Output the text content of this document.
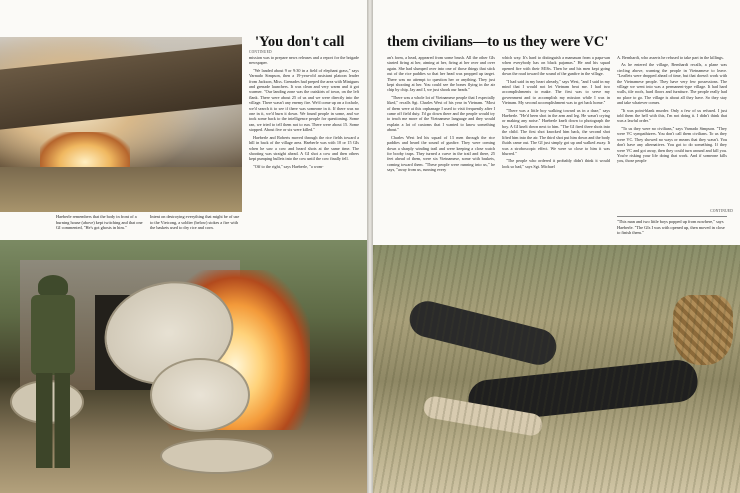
'You don't call
CONTINUED

mission was to prepare news releases and a report for the brigade newspaper.

"We landed about 9 or 9:30 in a field of elephant grass," says Varnado Simpson, then a 19-year-old assistant platoon leader from Jackson, Miss. Grenades had preped the area with Miniguns and grenade launchers. It was clean and very warm and it got warmer. "Our landing zone was the outskirts of town, on the left flank. There were about 25 of us and we were directly into the village. There wasn't any enemy fire. We'd come up on a foxhole, we'd search it to see if there was someone in it. If there was no one in it, we'd burn it down. We found people in some, and we took some back to the intelligence people for questioning. Some ran, we tried to tell them not to run. There were about 15. Some stopped. About five or six were killed."

Haeberle and Roberts moved through the rice fields toward a hill in back of the village area. Haeberle was with 10 or 15 GIs when he saw a cow and heard shots at the same time. The shooting was straight ahead. A GI shot a cow and then others kept pumping bullets into the cow until the cow finally fell.

"Off to the right," says Haeberle, "a wom-

Haeberle remembers that the body in front of a burning house (above) kept twitching and that one GI commented, "He's got ghosts in him."
Intent on destroying everything that might be of use to the Vietcong, a soldier (below) stokes a fire with the baskets used to dry rice and corn.
them civilians—to us they were VC'

an's form, a head, appeared from some brush. All the other GIs started firing at her, aiming at her, firing at her over and over again. She had slumped over into one of those things that stick out of the rice paddies so that her head was propped up target. There was no attempt to question her or anything. They just kept shooting at her. You could see the bones flying in the air chip by chip. Jay and I, we just shook our heads."

"There was a whole lot of Vietnamese people that I especially liked," recalls Sgt. Charles West of his year in Vietnam. "Most of them were at this orphanage I used to visit frequently after I came off field duty. I'd go down there and the people would try to teach me more of the Vietnamese language and they would explain a lot of customs that I wanted to know something about."

Charles West led his squad of 13 men through the rice paddies and heard the sound of gunfire. They were coming down a sharply winding trail and were keeping a close watch for booby traps. They turned a curve in the trail and there, 25 feet ahead of them, were six Vietnamese, some with baskets, coming toward them. "These people were running into us," he says, "away from us, running every

which way. It's hard to distinguish a mamasan from a papa-san when everybody has on black pajamas." He and his squad opened fire with their M16s. Then he and his men kept going down the road toward the sound of the gunfire in the village.

"I had said in my heart already," says West, "and I said in my mind that I would not let Vietnam beat me. I had two accomplishments to make. The first was to serve my government and to accomplish my mission while I was in Vietnam. My second accomplishment was to get back home."

"There was a little boy walking toward us in a daze," says Haeberle. "He'd been shot in the arm and leg. He wasn't crying or making any noise." Haeberle knelt down to photograph the boy. A GI knelt down next to him. "The GI fired three shots into the child. The first shot knocked him back, the second shot lifted him into the air. The third shot put him down and the body fluids came out. The GI just simply got up and walked away. It was a stroboscopic effect. We were so close to him it was blurred."

"The people who ordered it probably didn't think it would look so bad," says Sgt. Michael

A. Bernhardt, who asserts he refused to take part in the killings.

As he entered the village, Bernhardt recalls, a plane was circling above, warning the people in Vietnamese to leave. "Leaflets were dropped ahead of time, but that doesn't work with the Vietnamese people. They have very few possessions. The village we went into was a permanent-type village. It had hard walls, tile roofs, hard floors and furniture. The people really had no place to go. The village is about all they have. So they stay and take whatever comes.

"It was point-blank murder. Only a few of us refused. I just told them the hell with this, I'm not doing it. I didn't think that was a lawful order."

"To us they were no civilians," says Varnado Simpson. "They were VC sympathizers. You don't call them civilians. To us they were VC. They showed no ways or means that they wasn't. You don't have any alternatives. You got to do something. If they were VC and got away, then they could turn around and kill you. You're risking your life doing that work. And if someone kills you, those people

CONTINUED
"This man and two little boys popped up from nowhere," says Haeberle. "The GIs I was with opened up, then moved in close to finish them."
